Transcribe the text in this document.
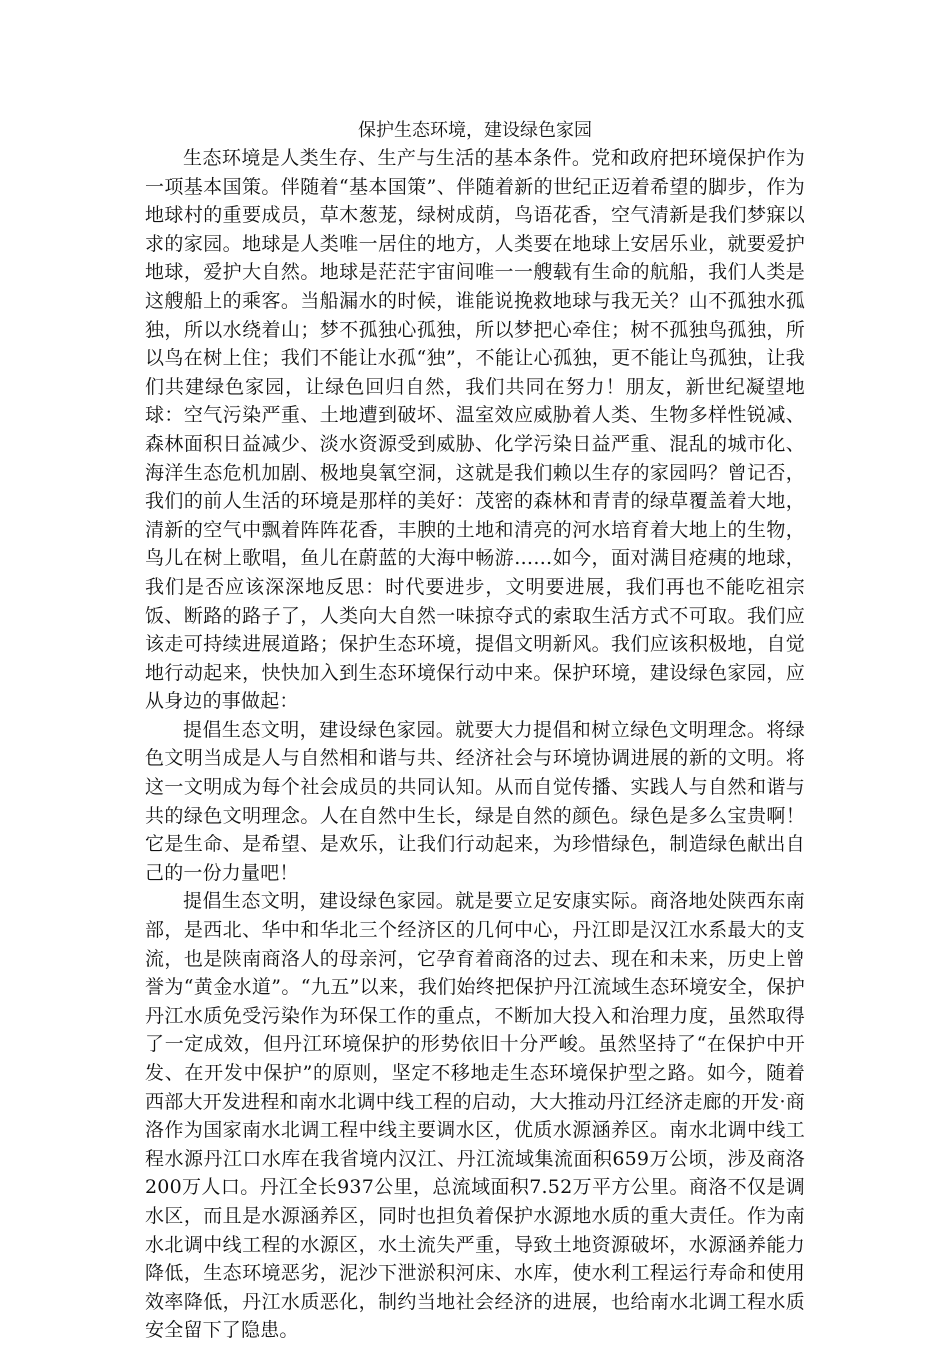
保护生态环境，建设绿色家园

生态环境是人类生存、生产与生活的基本条件。党和政府把环境保护作为一项基本国策。伴随着“基本国策”、伴随着新的世纪正迈着希望的脚步，作为地球村的重要成员，草木葱茏，绿树成荫，鸟语花香，空气清新是我们梦寐以求的家园。地球是人类唯一居住的地方，人类要在地球上安居乐业，就要爱护地球，爱护大自然。地球是茫茫宇宙间唯一一艘载有生命的航船，我们人类是这艘船上的乘客。当船漏水的时候，谁能说挽救地球与我无关？山不孤独水孤独，所以水绕着山；梦不孤独心孤独，所以梦把心牵住；树不孤独鸟孤独，所以鸟在树上住；我们不能让水孤“独”，不能让心孤独，更不能让鸟孤独，让我们共建绿色家园，让绿色回归自然，我们共同在努力！朋友，新世纪凝望地球：空气污染严重、土地遭到破坏、温室效应威胁着人类、生物多样性锐减、森林面积日益减少、淡水资源受到威胁、化学污染日益严重、混乱的城市化、海洋生态危机加剧、极地臭氧空洞，这就是我们赖以生存的家园吗？曾记否，我们的前人生活的环境是那样的美好：茂密的森林和青青的绿草覆盖着大地，清新的空气中飘着阵阵花香，丰腴的土地和清亮的河水培育着大地上的生物，鸟儿在树上歌唱，鱼儿在蔚蓝的大海中畅游……如今，面对满目疮痍的地球，我们是否应该深深地反思：时代要进步，文明要进展，我们再也不能吃祖宗饭、断路的路子了，人类向大自然一味掠夺式的索取生活方式不可取。我们应该走可持续进展道路；保护生态环境，提倡文明新风。我们应该积极地，自觉地行动起来，快快加入到生态环境保行动中来。保护环境，建设绿色家园，应从身边的事做起：

提倡生态文明，建设绿色家园。就要大力提倡和树立绿色文明理念。将绿色文明当成是人与自然相和谐与共、经济社会与环境协调进展的新的文明。将这一文明成为每个社会成员的共同认知。从而自觉传播、实践人与自然和谐与共的绿色文明理念。人在自然中生长，绿是自然的颜色。绿色是多么宝贵啊！它是生命、是希望、是欢乐，让我们行动起来，为珍惜绿色，制造绿色献出自己的一份力量吧！

提倡生态文明，建设绿色家园。就是要立足安康实际。商洛地处陕西东南部，是西北、华中和华北三个经济区的几何中心，丹江即是汉江水系最大的支流，也是陕南商洛人的母亲河，它孕育着商洛的过去、现在和未来，历史上曾誉为“黄金水道”。“九五”以来，我们始终把保护丹江流域生态环境安全，保护丹江水质免受污染作为环保工作的重点，不断加大投入和治理力度，虽然取得了一定成效，但丹江环境保护的形势依旧十分严峻。虽然坚持了“在保护中开发、在开发中保护”的原则，坚定不移地走生态环境保护型之路。如今，随着西部大开发进程和南水北调中线工程的启动，大大推动丹江经济走廊的开发·商洛作为国家南水北调工程中线主要调水区，优质水源涵养区。南水北调中线工程水源丹江口水库在我省境内汉江、丹江流域集流面积659万公顷，涉及商洛200万人口。丹江全长937公里，总流域面积7.52万平方公里。商洛不仅是调水区，而且是水源涵养区，同时也担负着保护水源地水质的重大责任。作为南水北调中线工程的水源区，水土流失严重，导致土地资源破坏，水源涵养能力降低，生态环境恶劣，泥沙下泄淤积河床、水库，使水利工程运行寿命和使用效率降低，丹江水质恶化，制约当地社会经济的进展，也给南水北调工程水质安全留下了隐患。
